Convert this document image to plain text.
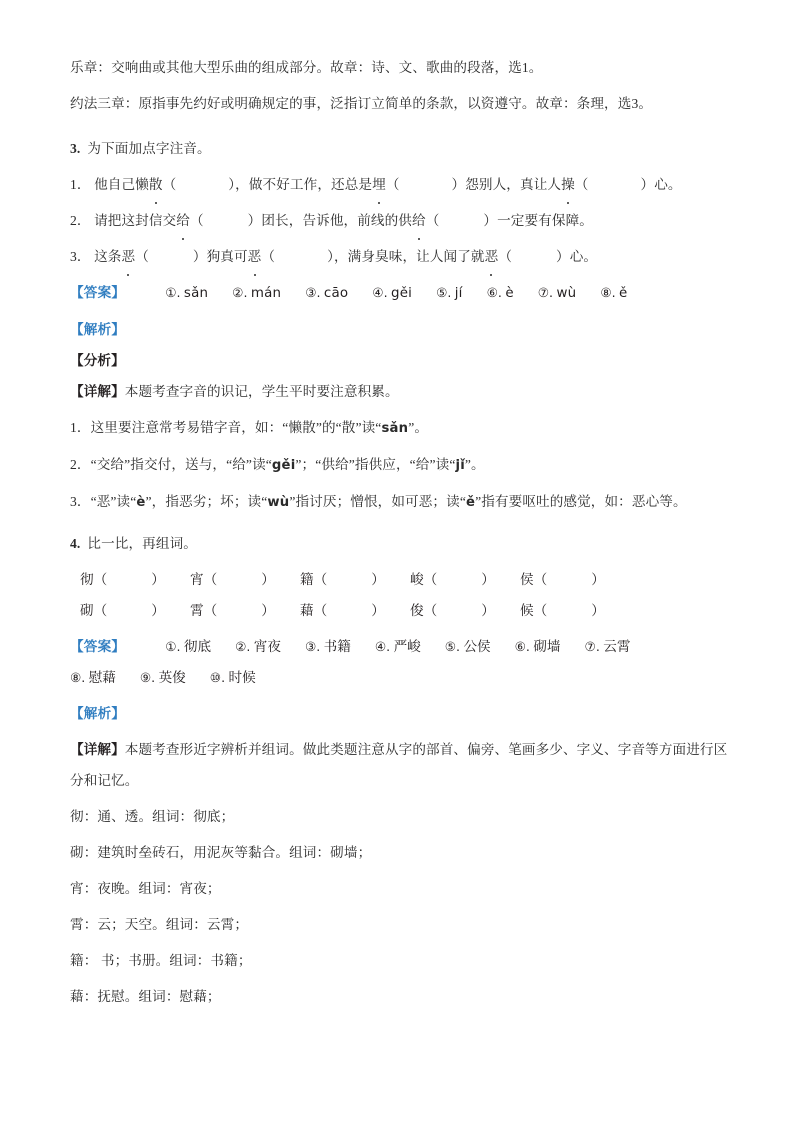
乐章：交响曲或其他大型乐曲的组成部分。故章：诗、文、歌曲的段落，选1。
约法三章：原指事先约好或明确规定的事，泛指订立简单的条款，以资遵守。故章：条理，选3。
3. 为下面加点字注音。
1． 他自己懒散（	），做不好工作，还总是埋（	）怨别人，真让人操（	）心。
2． 请把这封信交给（	）团长，告诉他，前线的供给（	）一定要有保障。
3． 这条恶（	）狗真可恶（	），满身臭味，让人闻了就恶（	）心。
【答案】	①. sǎn ②. mán ③. cāo ④. gěi ⑤. jí ⑥. è ⑦. wù ⑧. ě
【解析】
【分析】
【详解】本题考查字音的识记，学生平时要注意积累。
1．这里要注意常考易错字音，如：“懒散”的“散”读“sǎn”。
2．“交给”指交付，送与，“给”读“gěi”；“供给”指供应，“给”读“jǐ”。
3．“恶”读“è”，指恶劣；坏；读“wù”指讨厌；憎恨，如可恶；读“ě”指有要呕吐的感觉，如：恶心等。
4. 比一比，再组词。
彻（	） 宵（	） 籍（	） 峻（	） 侯（	）
砌（	） 霄（	） 藉（	） 俊（	） 候（	）
【答案】	①. 彻底 ②. 宵夜 ③. 书籍 ④. 严峻 ⑤. 公侯 ⑥. 砌墙 ⑦. 云霄
⑧. 慰藉 ⑨. 英俊 ⑩. 时候
【解析】
【详解】本题考查形近字辨析并组词。做此类题注意从字的部首、偏旁、笔画多少、字义、字音等方面进行区分和记忆。
彻：通、透。组词：彻底；
砌：建筑时垒砖石，用泥灰等黏合。组词：砌墙；
宵：夜晚。组词：宵夜；
霄：云；天空。组词：云霄；
籍： 书；书册。组词：书籍；
藉：抚慰。组词：慰藉；
